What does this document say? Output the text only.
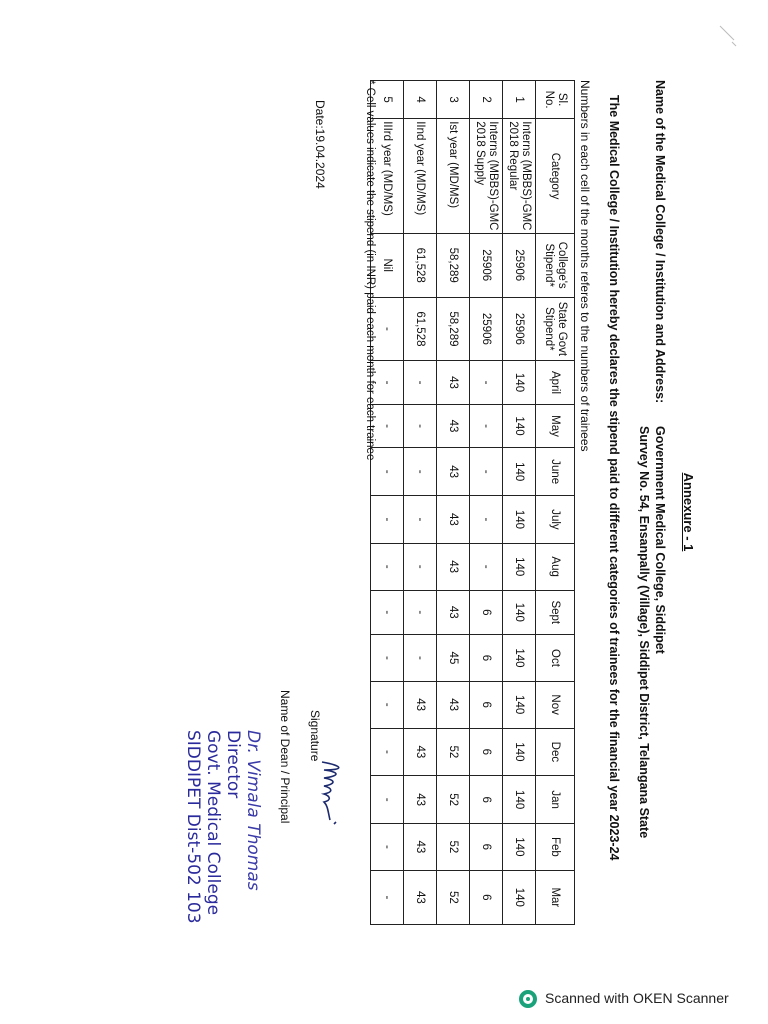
Annexure - 1
Name of the Medical College / Institution and Address:
Government Medical College, Siddipet
Survey No. 54, Ensanpally (Village), Siddipet District, Telangana State
The Medical College / Institution hereby declares the stipend paid to different categories of trainees for the financial year 2023-24
Numbers in each cell of the months referes to the numbers of trainees
Sl. No.	Category	College's Stipend*	State Govt Stipend*	April	May	June	July	Aug	Sept	Oct	Nov	Dec	Jan	Feb	Mar
1	Interns (MBBS)-GMC 2018 Regular	25906	25906	140	140	140	140	140	140	140	140	140	140	140	140
2	Interns (MBBS)-GMC 2018 Supply	25906	25906	-	-	-	-	-	6	6	6	6	6	6	6
3	Ist year (MD/MS)	58,289	58,289	43	43	43	43	43	43	45	43	52	52	52	52
4	IInd year (MD/MS)	61,528	61,528	-	-	-	-	-	-	-	43	43	43	43	43
5	IIIrd year (MD/MS)	Nil	-	-	-	-	-	-	-	-	-	-	-	-	-
* Cell values indicate the stipend (in INR) paid each month for each trainee
Date:19.04.2024
Signature
Name of Dean / Principal
Dr. Vimala Thomas
Director
Govt. Medical College
SIDDIPET Dist-502 103
Scanned with OKEN Scanner
